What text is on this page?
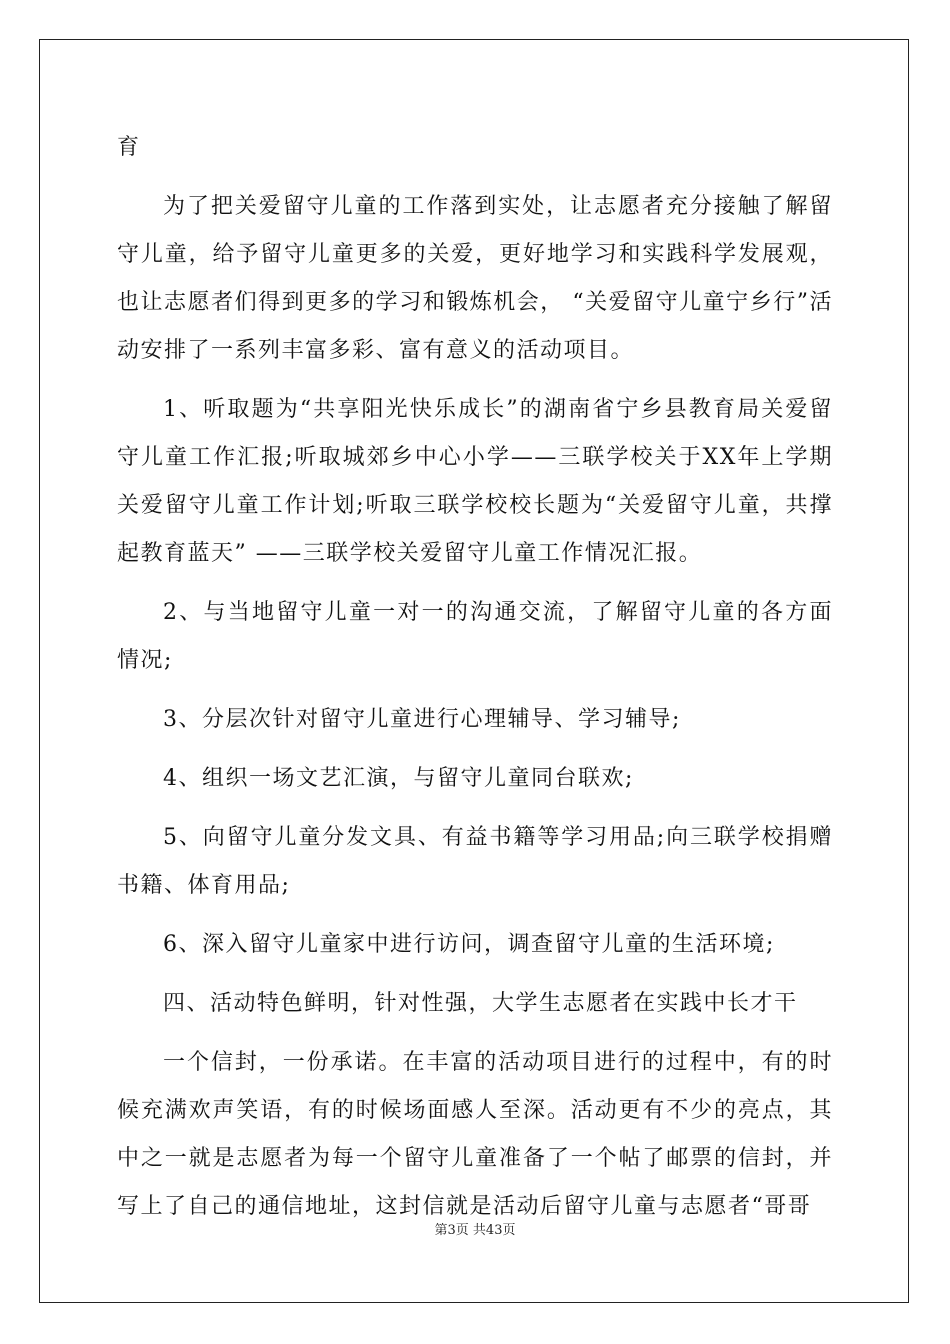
育

为了把关爱留守儿童的工作落到实处，让志愿者充分接触了解留守儿童，给予留守儿童更多的关爱，更好地学习和实践科学发展观，也让志愿者们得到更多的学习和锻炼机会， “关爱留守儿童宁乡行”活动安排了一系列丰富多彩、富有意义的活动项目。

1、听取题为“共享阳光快乐成长”的湖南省宁乡县教育局关爱留守儿童工作汇报;听取城郊乡中心小学——三联学校关于XX年上学期关爱留守儿童工作计划;听取三联学校校长题为“关爱留守儿童，共撑起教育蓝天” ——三联学校关爱留守儿童工作情况汇报。

2、与当地留守儿童一对一的沟通交流，了解留守儿童的各方面情况;

3、分层次针对留守儿童进行心理辅导、学习辅导;

4、组织一场文艺汇演，与留守儿童同台联欢;

5、向留守儿童分发文具、有益书籍等学习用品;向三联学校捐赠书籍、体育用品;

6、深入留守儿童家中进行访问，调查留守儿童的生活环境;

四、活动特色鲜明，针对性强，大学生志愿者在实践中长才干

一个信封，一份承诺。在丰富的活动项目进行的过程中，有的时候充满欢声笑语，有的时候场面感人至深。活动更有不少的亮点，其中之一就是志愿者为每一个留守儿童准备了一个帖了邮票的信封，并写上了自己的通信地址，这封信就是活动后留守儿童与志愿者“哥哥

第3页 共43页
